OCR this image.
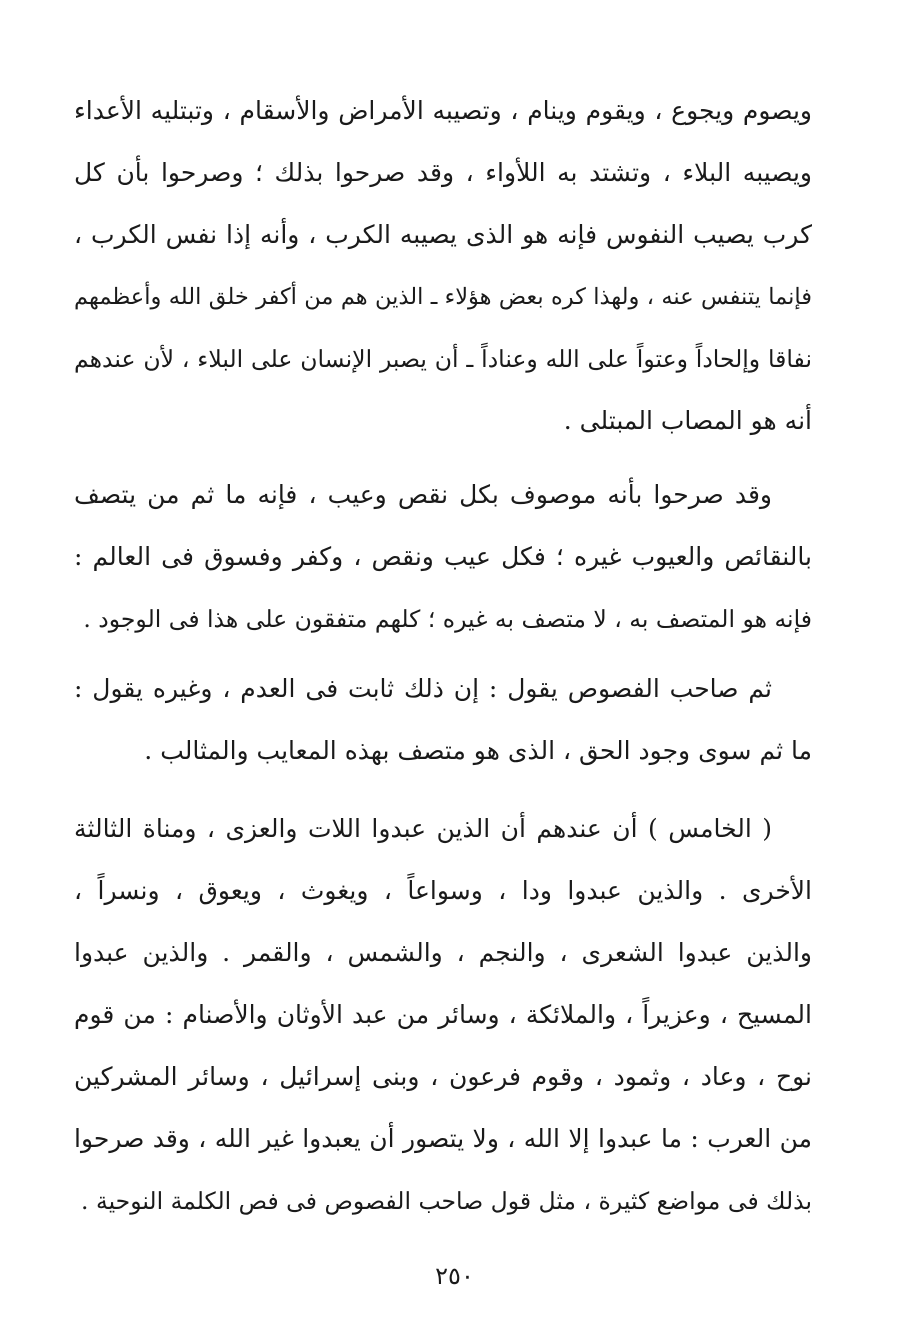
ويصوم ويجوع ، ويقوم وينام ، وتصيبه الأمراض والأسقام ، وتبتليه الأعداء
ويصيبه البلاء ، وتشتد به اللأواء ، وقد صرحوا بذلك ؛ وصرحوا بأن كل
كرب يصيب النفوس فإنه هو الذى يصيبه الكرب ، وأنه إذا نفس الكرب ،
فإنما يتنفس عنه ، ولهذا كره بعض هؤلاء ـ الذين هم من أكفر خلق الله وأعظمهم
نفاقا وإلحاداً وعتواً على الله وعناداً ـ أن يصبر الإنسان على البلاء ، لأن عندهم
أنه هو المصاب المبتلى .
وقد صرحوا بأنه موصوف بكل نقص وعيب ، فإنه ما ثم من يتصف
بالنقائص والعيوب غيره ؛ فكل عيب ونقص ، وكفر وفسوق فى العالم :
فإنه هو المتصف به ، لا متصف به غيره ؛ كلهم متفقون على هذا فى الوجود .
ثم صاحب الفصوص يقول : إن ذلك ثابت فى العدم ، وغيره يقول :
ما ثم سوى وجود الحق ، الذى هو متصف بهذه المعايب والمثالب .
( الخامس ) أن عندهم أن الذين عبدوا اللات والعزى ، ومناة الثالثة
الأخرى . والذين عبدوا ودا ، وسواعاً ، ويغوث ، ويعوق ، ونسراً ،
والذين عبدوا الشعرى ، والنجم ، والشمس ، والقمر . والذين عبدوا
المسيح ، وعزيراً ، والملائكة ، وسائر من عبد الأوثان والأصنام : من قوم
نوح ، وعاد ، وثمود ، وقوم فرعون ، وبنى إسرائيل ، وسائر المشركين
من العرب : ما عبدوا إلا الله ، ولا يتصور أن يعبدوا غير الله ، وقد صرحوا
بذلك فى مواضع كثيرة ، مثل قول صاحب الفصوص فى فص الكلمة النوحية .
٢٥٠
